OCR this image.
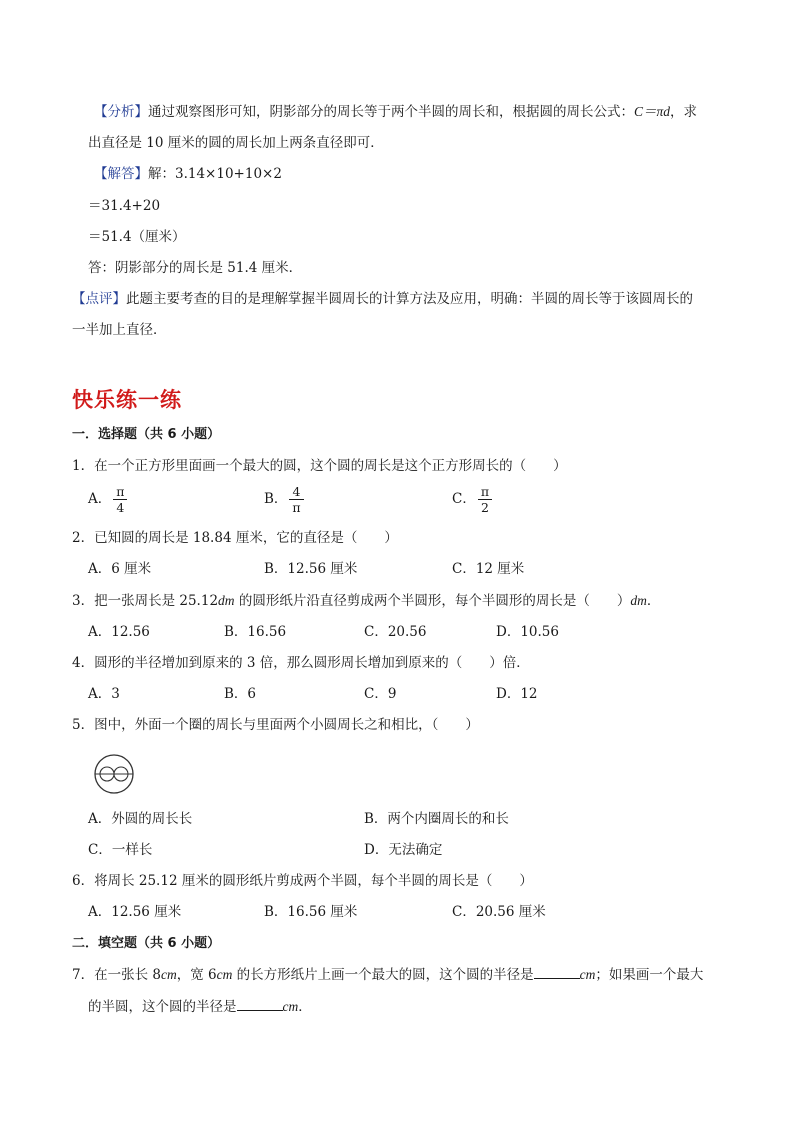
【分析】通过观察图形可知，阴影部分的周长等于两个半圆的周长和，根据圆的周长公式：C＝πd，求
出直径是 10 厘米的圆的周长加上两条直径即可．
【解答】解：3.14×10+10×2
＝31.4+20
＝51.4（厘米）
答：阴影部分的周长是 51.4 厘米．
【点评】此题主要考查的目的是理解掌握半圆周长的计算方法及应用，明确：半圆的周长等于该圆周长的
一半加上直径．
快乐练一练
一．选择题（共 6 小题）
1．在一个正方形里面画一个最大的圆，这个圆的周长是这个正方形周长的（　　）
A． $\frac{\pi}{4}$	B． $\frac{4}{\pi}$	C． $\frac{\pi}{2}$
2．已知圆的周长是 18.84 厘米，它的直径是（　　）
A．6 厘米	B．12.56 厘米	C．12 厘米
3．把一张周长是 25.12dm 的圆形纸片沿直径剪成两个半圆形，每个半圆形的周长是（　　）dm．
A．12.56	B．16.56	C．20.56	D．10.56
4．圆形的半径增加到原来的 3 倍，那么圆形周长增加到原来的（　　）倍．
A．3	B．6	C．9	D．12
5．图中，外面一个圈的周长与里面两个小圆周长之和相比，（　　）
A．外圆的周长长	B．两个内圈周长的和长
C．一样长	D．无法确定
6．将周长 25.12 厘米的圆形纸片剪成两个半圆，每个半圆的周长是（　　）
A．12.56 厘米	B．16.56 厘米	C．20.56 厘米
二．填空题（共 6 小题）
7．在一张长 8cm，宽 6cm 的长方形纸片上画一个最大的圆，这个圆的半径是	cm；如果画一个最大
的半圆，这个圆的半径是	cm．
